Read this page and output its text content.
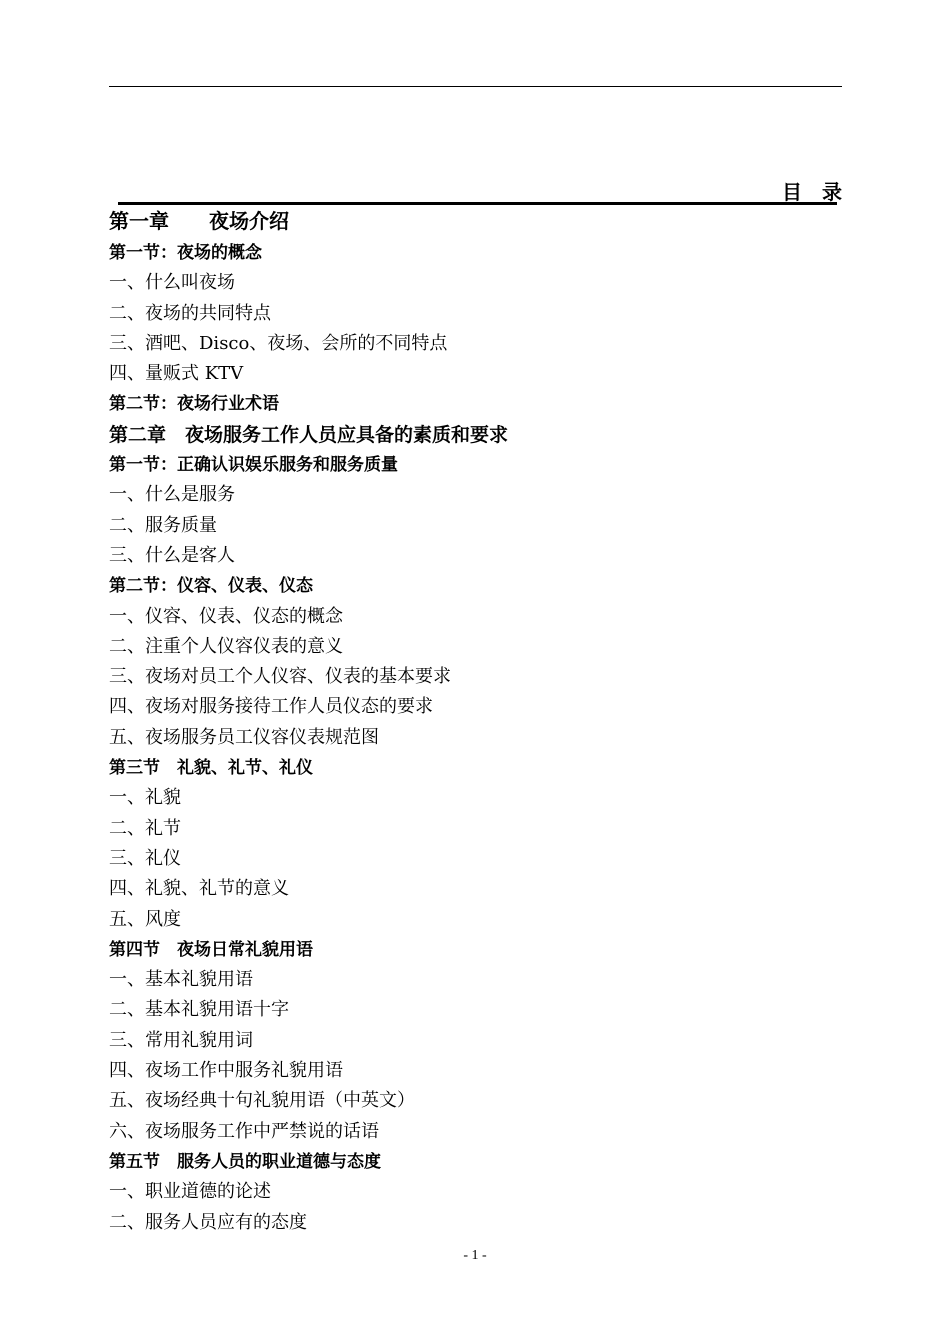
目　录
第一章　　夜场介绍
第一节：夜场的概念
一、什么叫夜场
二、夜场的共同特点
三、酒吧、Disco、夜场、会所的不同特点
四、量贩式 KTV
第二节：夜场行业术语
第二章　夜场服务工作人员应具备的素质和要求
第一节：正确认识娱乐服务和服务质量
一、什么是服务
二、服务质量
三、什么是客人
第二节：仪容、仪表、仪态
一、仪容、仪表、仪态的概念
二、注重个人仪容仪表的意义
三、夜场对员工个人仪容、仪表的基本要求
四、夜场对服务接待工作人员仪态的要求
五、夜场服务员工仪容仪表规范图
第三节　礼貌、礼节、礼仪
一、礼貌
二、礼节
三、礼仪
四、礼貌、礼节的意义
五、风度
第四节　夜场日常礼貌用语
一、基本礼貌用语
二、基本礼貌用语十字
三、常用礼貌用词
四、夜场工作中服务礼貌用语
五、夜场经典十句礼貌用语（中英文）
六、夜场服务工作中严禁说的话语
第五节　服务人员的职业道德与态度
一、职业道德的论述
二、服务人员应有的态度
- 1 -
